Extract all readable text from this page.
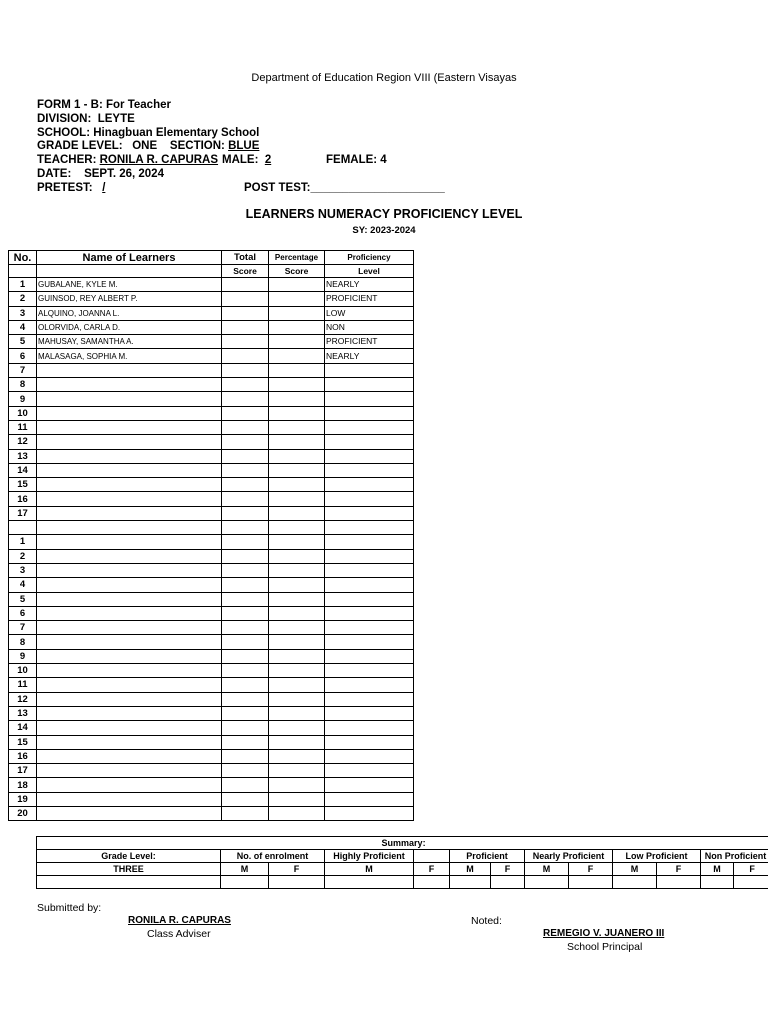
Department of Education Region VIII (Eastern Visayas
FORM 1 - B: For Teacher
DIVISION: LEYTE
SCHOOL: Hinagbuan Elementary School
GRADE LEVEL: ONE SECTION: BLUE
TEACHER: RONILA R. CAPURAS MALE: 2	FEMALE: 4
DATE: SEPT. 26, 2024
PRETEST: /	POST TEST:_____________________
LEARNERS NUMERACY PROFICIENCY LEVEL
SY: 2023-2024
No.	Name of Learners	Total	Percentage	Proficiency
		Score	Score	Level
1	GUBALANE, KYLE M.			NEARLY
2	GUINSOD, REY ALBERT P.			PROFICIENT
3	ALQUINO, JOANNA L.			LOW
4	OLORVIDA, CARLA D.			NON
5	MAHUSAY, SAMANTHA A.			PROFICIENT
6	MALASAGA, SOPHIA M.			NEARLY
7				
8				
9				
10				
11				
12				
13				
14				
15				
16				
17				

1				
2				
3				
4				
5				
6				
7				
8				
9				
10				
11				
12				
13				
14				
15				
16				
17				
18				
19				
20				
Summary:												
Grade Level:	No. of enrolment		Highly Proficient		Proficient		Nearly Proficient		Low Proficient		Non Proficient	
THREE	M	F	M	F	M	F	M	F	M	F	M	F

Submitted by:
RONILA R. CAPURAS
Class Adviser
Noted:
REMEGIO V. JUANERO III
School Principal
